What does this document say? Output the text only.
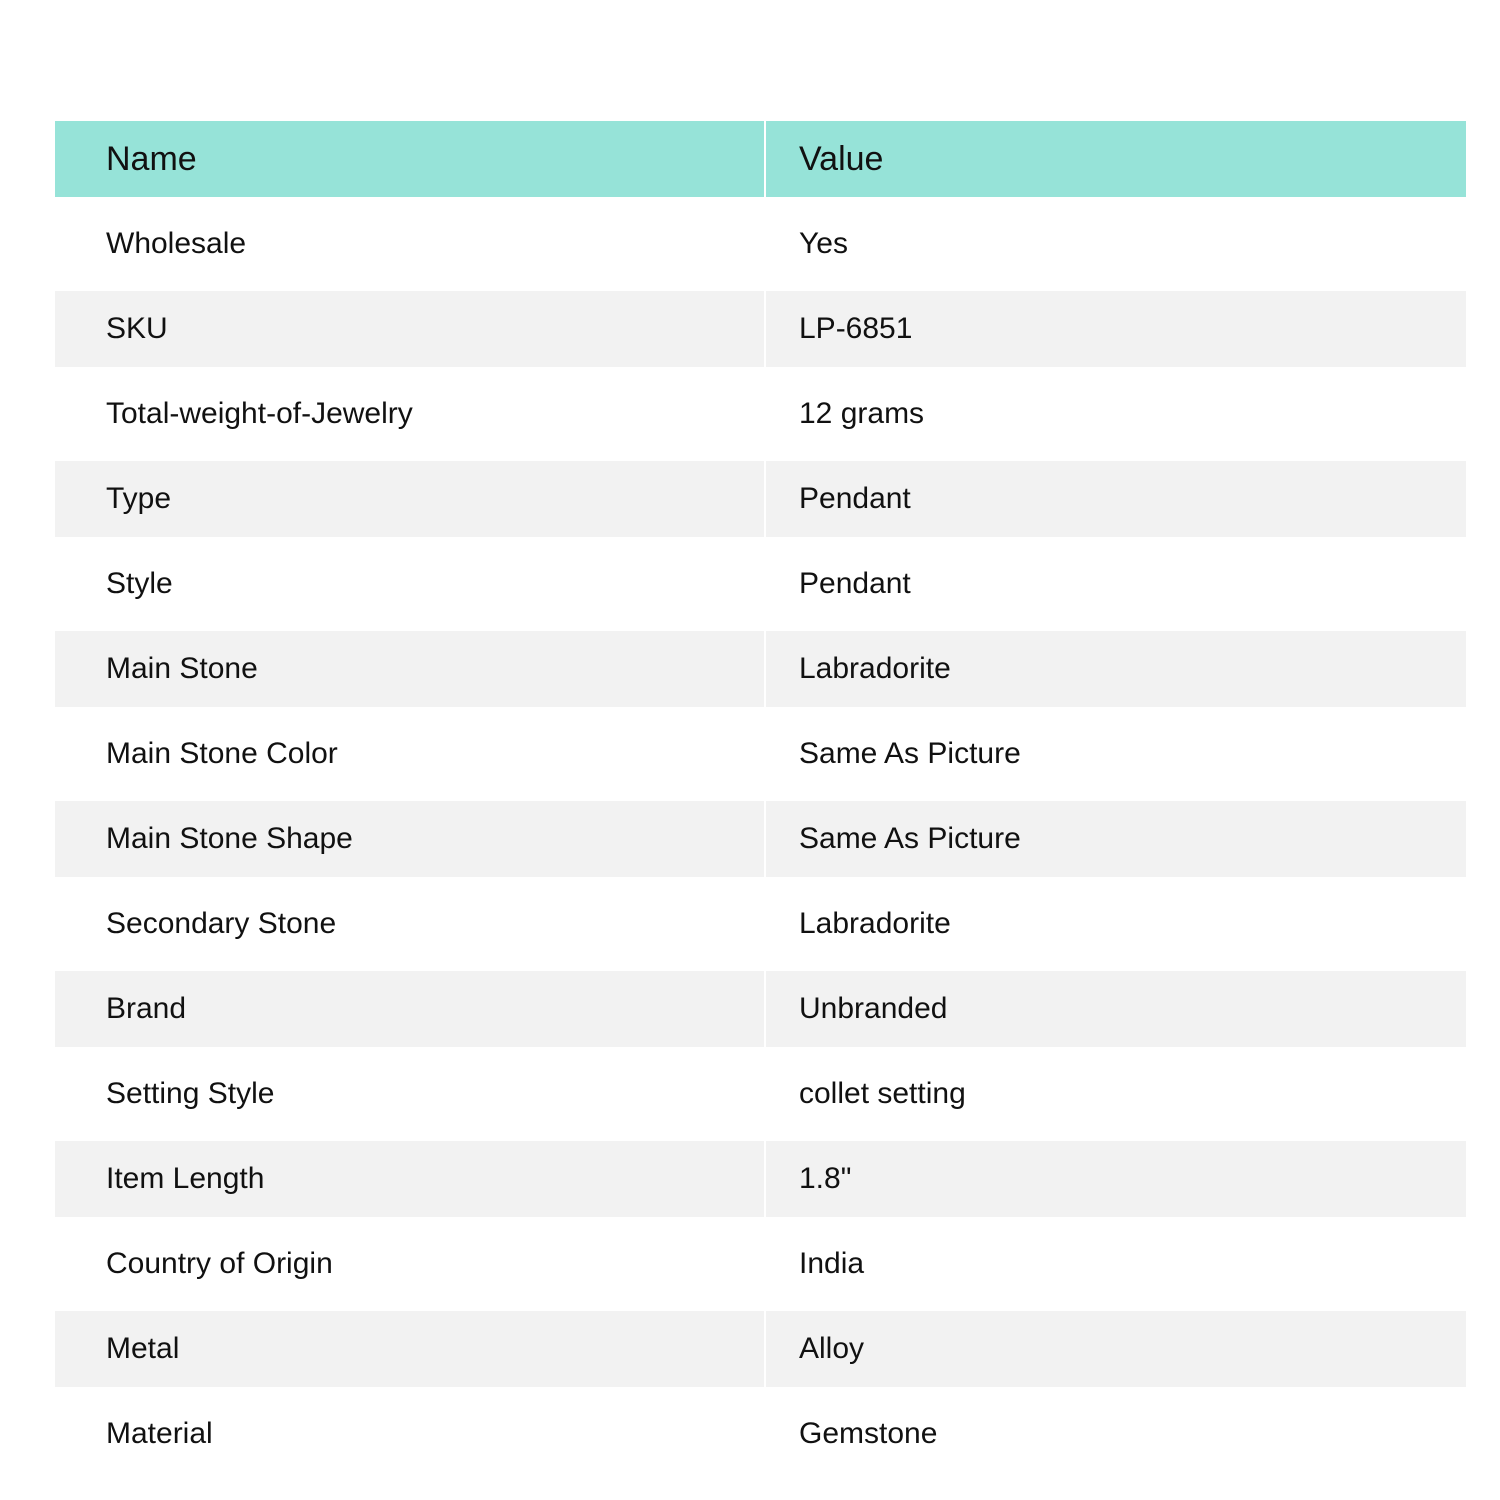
Name	Value
Wholesale	Yes
SKU	LP-6851
Total-weight-of-Jewelry	12 grams
Type	Pendant
Style	Pendant
Main Stone	Labradorite
Main Stone Color	Same As Picture
Main Stone Shape	Same As Picture
Secondary Stone	Labradorite
Brand	Unbranded
Setting Style	collet setting
Item Length	1.8"
Country of Origin	India
Metal	Alloy
Material	Gemstone
